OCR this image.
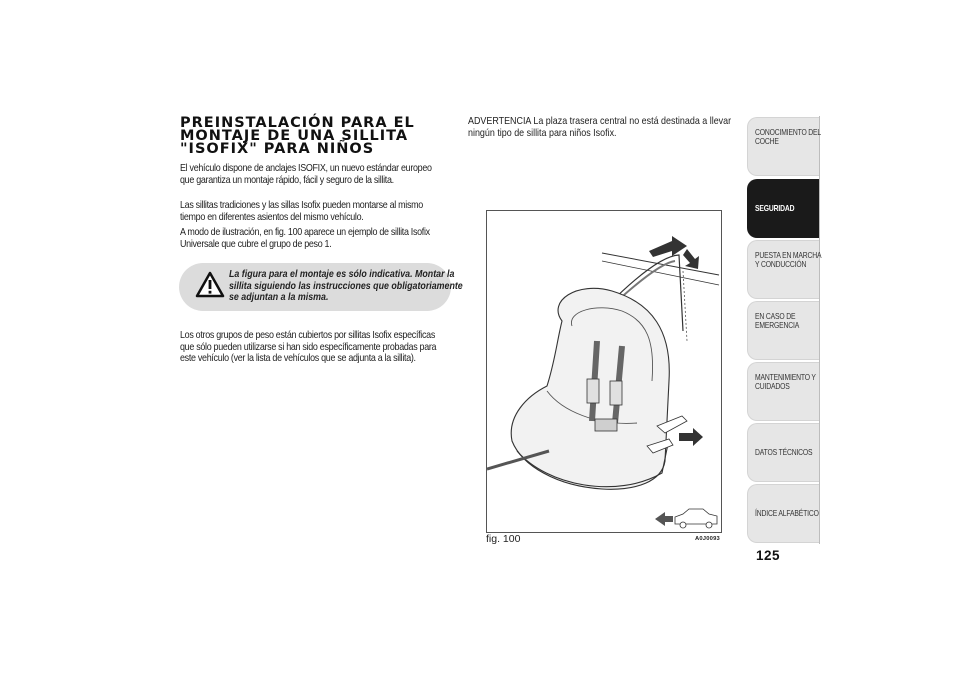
PREINSTALACIÓN PARA EL
MONTAJE DE UNA SILLITA
"ISOFIX" PARA NIÑOS
El vehículo dispone de anclajes ISOFIX, un nuevo estándar europeo
que garantiza un montaje rápido, fácil y seguro de la sillita.
Las sillitas tradiciones y las sillas Isofix pueden montarse al mismo
tiempo en diferentes asientos del mismo vehículo.
A modo de ilustración, en fig. 100 aparece un ejemplo de sillita Isofix
Universale que cubre el grupo de peso 1.
La figura para el montaje es sólo indicativa. Montar la
sillita siguiendo las instrucciones que obligatoriamente
se adjuntan a la misma.
Los otros grupos de peso están cubiertos por sillitas Isofix específicas
que sólo pueden utilizarse si han sido específicamente probadas para
este vehículo (ver la lista de vehículos que se adjunta a la sillita).
ADVERTENCIA La plaza trasera central no está destinada a llevar
ningún tipo de sillita para niños Isofix.
fig. 100	A0J0093
CONOCIMIENTO DEL
COCHE
SEGURIDAD
PUESTA EN MARCHA
Y CONDUCCIÓN
EN CASO DE
EMERGENCIA
MANTENIMIENTO Y
CUIDADOS
DATOS TÉCNICOS
ÍNDICE ALFABÉTICO
125
